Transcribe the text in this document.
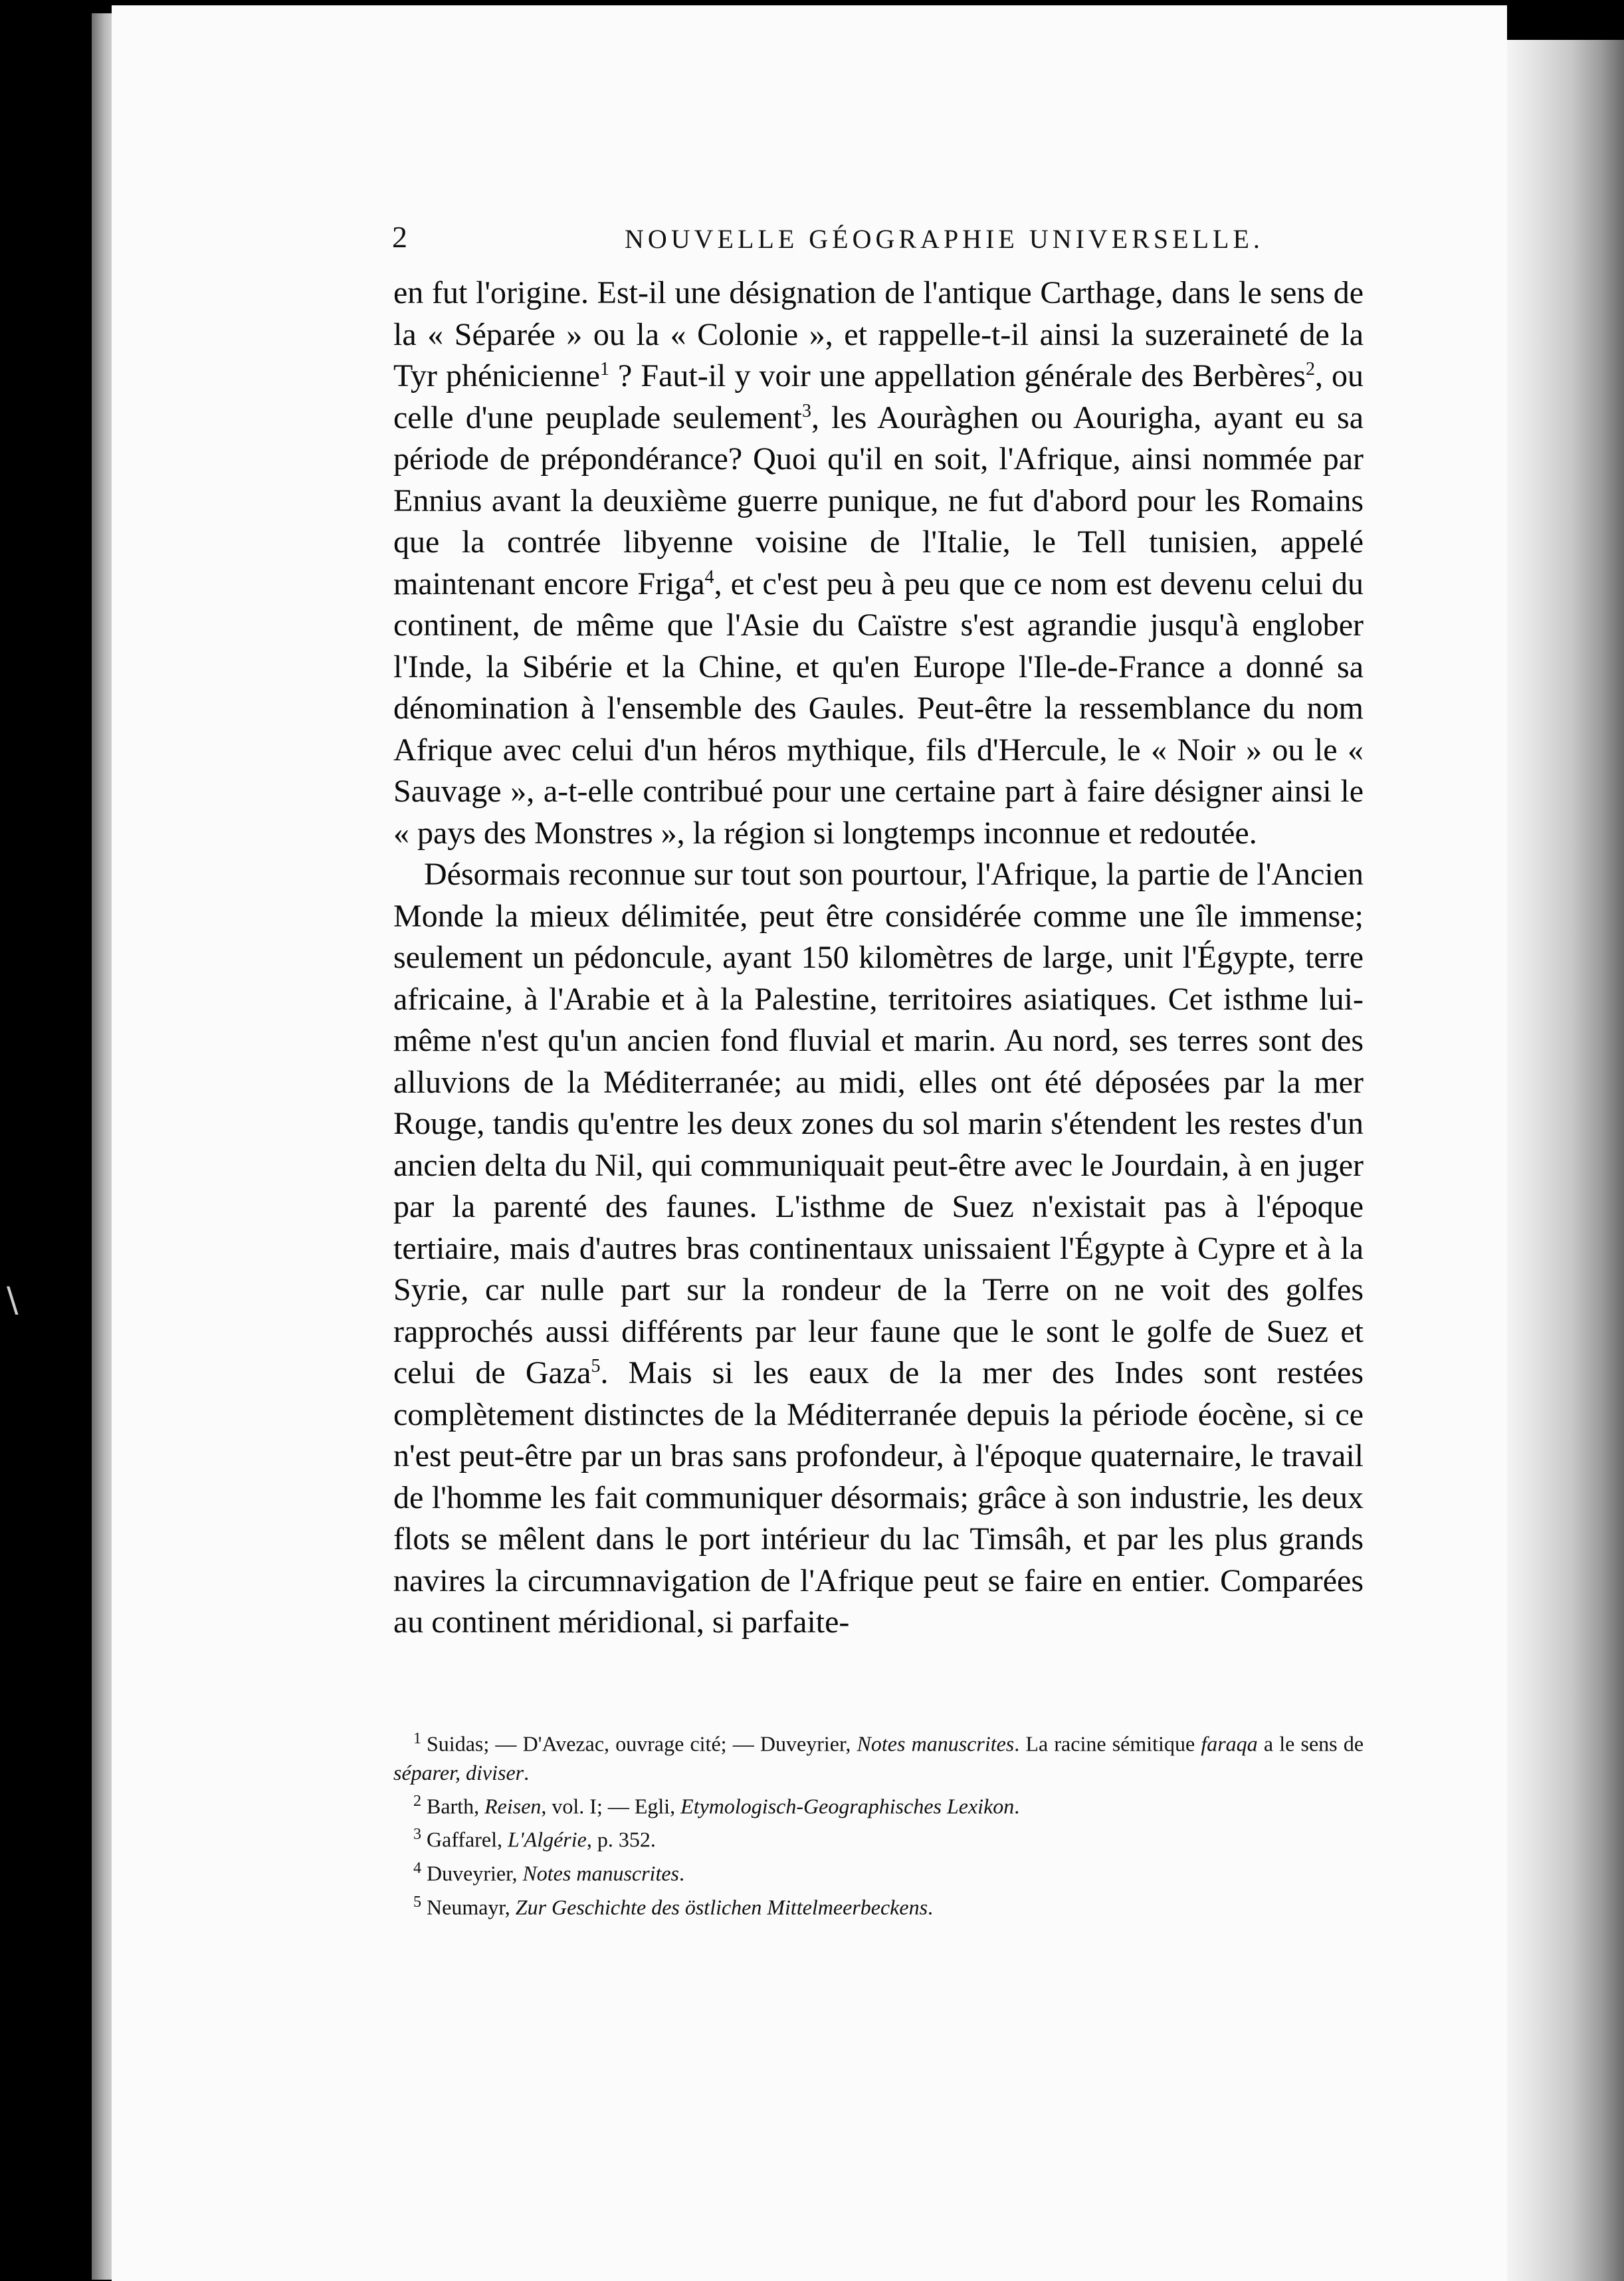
\
2	NOUVELLE GÉOGRAPHIE UNIVERSELLE.

en fut l'origine. Est-il une désignation de l'antique Carthage, dans le sens de la « Séparée » ou la « Colonie », et rappelle-t-il ainsi la suzeraineté de la Tyr phénicienne$^1$ ? Faut-il y voir une appellation générale des Berbères$^2$, ou celle d'une peuplade seulement$^3$, les Aouràghen ou Aourigha, ayant eu sa période de prépondérance? Quoi qu'il en soit, l'Afrique, ainsi nommée par Ennius avant la deuxième guerre punique, ne fut d'abord pour les Romains que la contrée libyenne voisine de l'Italie, le Tell tunisien, appelé maintenant encore Friga$^4$, et c'est peu à peu que ce nom est devenu celui du continent, de même que l'Asie du Caïstre s'est agrandie jusqu'à englober l'Inde, la Sibérie et la Chine, et qu'en Europe l'Ile-de-France a donné sa dénomination à l'ensemble des Gaules. Peut-être la ressemblance du nom Afrique avec celui d'un héros mythique, fils d'Hercule, le « Noir » ou le « Sauvage », a-t-elle contribué pour une certaine part à faire désigner ainsi le « pays des Monstres », la région si longtemps inconnue et redoutée.

Désormais reconnue sur tout son pourtour, l'Afrique, la partie de l'Ancien Monde la mieux délimitée, peut être considérée comme une île immense; seulement un pédoncule, ayant 150 kilomètres de large, unit l'Égypte, terre africaine, à l'Arabie et à la Palestine, territoires asiatiques. Cet isthme lui-même n'est qu'un ancien fond fluvial et marin. Au nord, ses terres sont des alluvions de la Méditerranée; au midi, elles ont été déposées par la mer Rouge, tandis qu'entre les deux zones du sol marin s'étendent les restes d'un ancien delta du Nil, qui communiquait peut-être avec le Jourdain, à en juger par la parenté des faunes. L'isthme de Suez n'existait pas à l'époque tertiaire, mais d'autres bras continentaux unissaient l'Égypte à Cypre et à la Syrie, car nulle part sur la rondeur de la Terre on ne voit des golfes rapprochés aussi différents par leur faune que le sont le golfe de Suez et celui de Gaza$^5$. Mais si les eaux de la mer des Indes sont restées complètement distinctes de la Méditerranée depuis la période éocène, si ce n'est peut-être par un bras sans profondeur, à l'époque quaternaire, le travail de l'homme les fait communiquer désormais; grâce à son industrie, les deux flots se mêlent dans le port intérieur du lac Timsâh, et par les plus grands navires la circumnavigation de l'Afrique peut se faire en entier. Comparées au continent méridional, si parfaite-

$^1$ Suidas; — D'Avezac, ouvrage cité; — Duveyrier, Notes manuscrites. La racine sémitique faraqa a le sens de séparer, diviser.

$^2$ Barth, Reisen, vol. I; — Egli, Etymologisch-Geographisches Lexikon.

$^3$ Gaffarel, L'Algérie, p. 352.

$^4$ Duveyrier, Notes manuscrites.

$^5$ Neumayr, Zur Geschichte des östlichen Mittelmeerbeckens.
